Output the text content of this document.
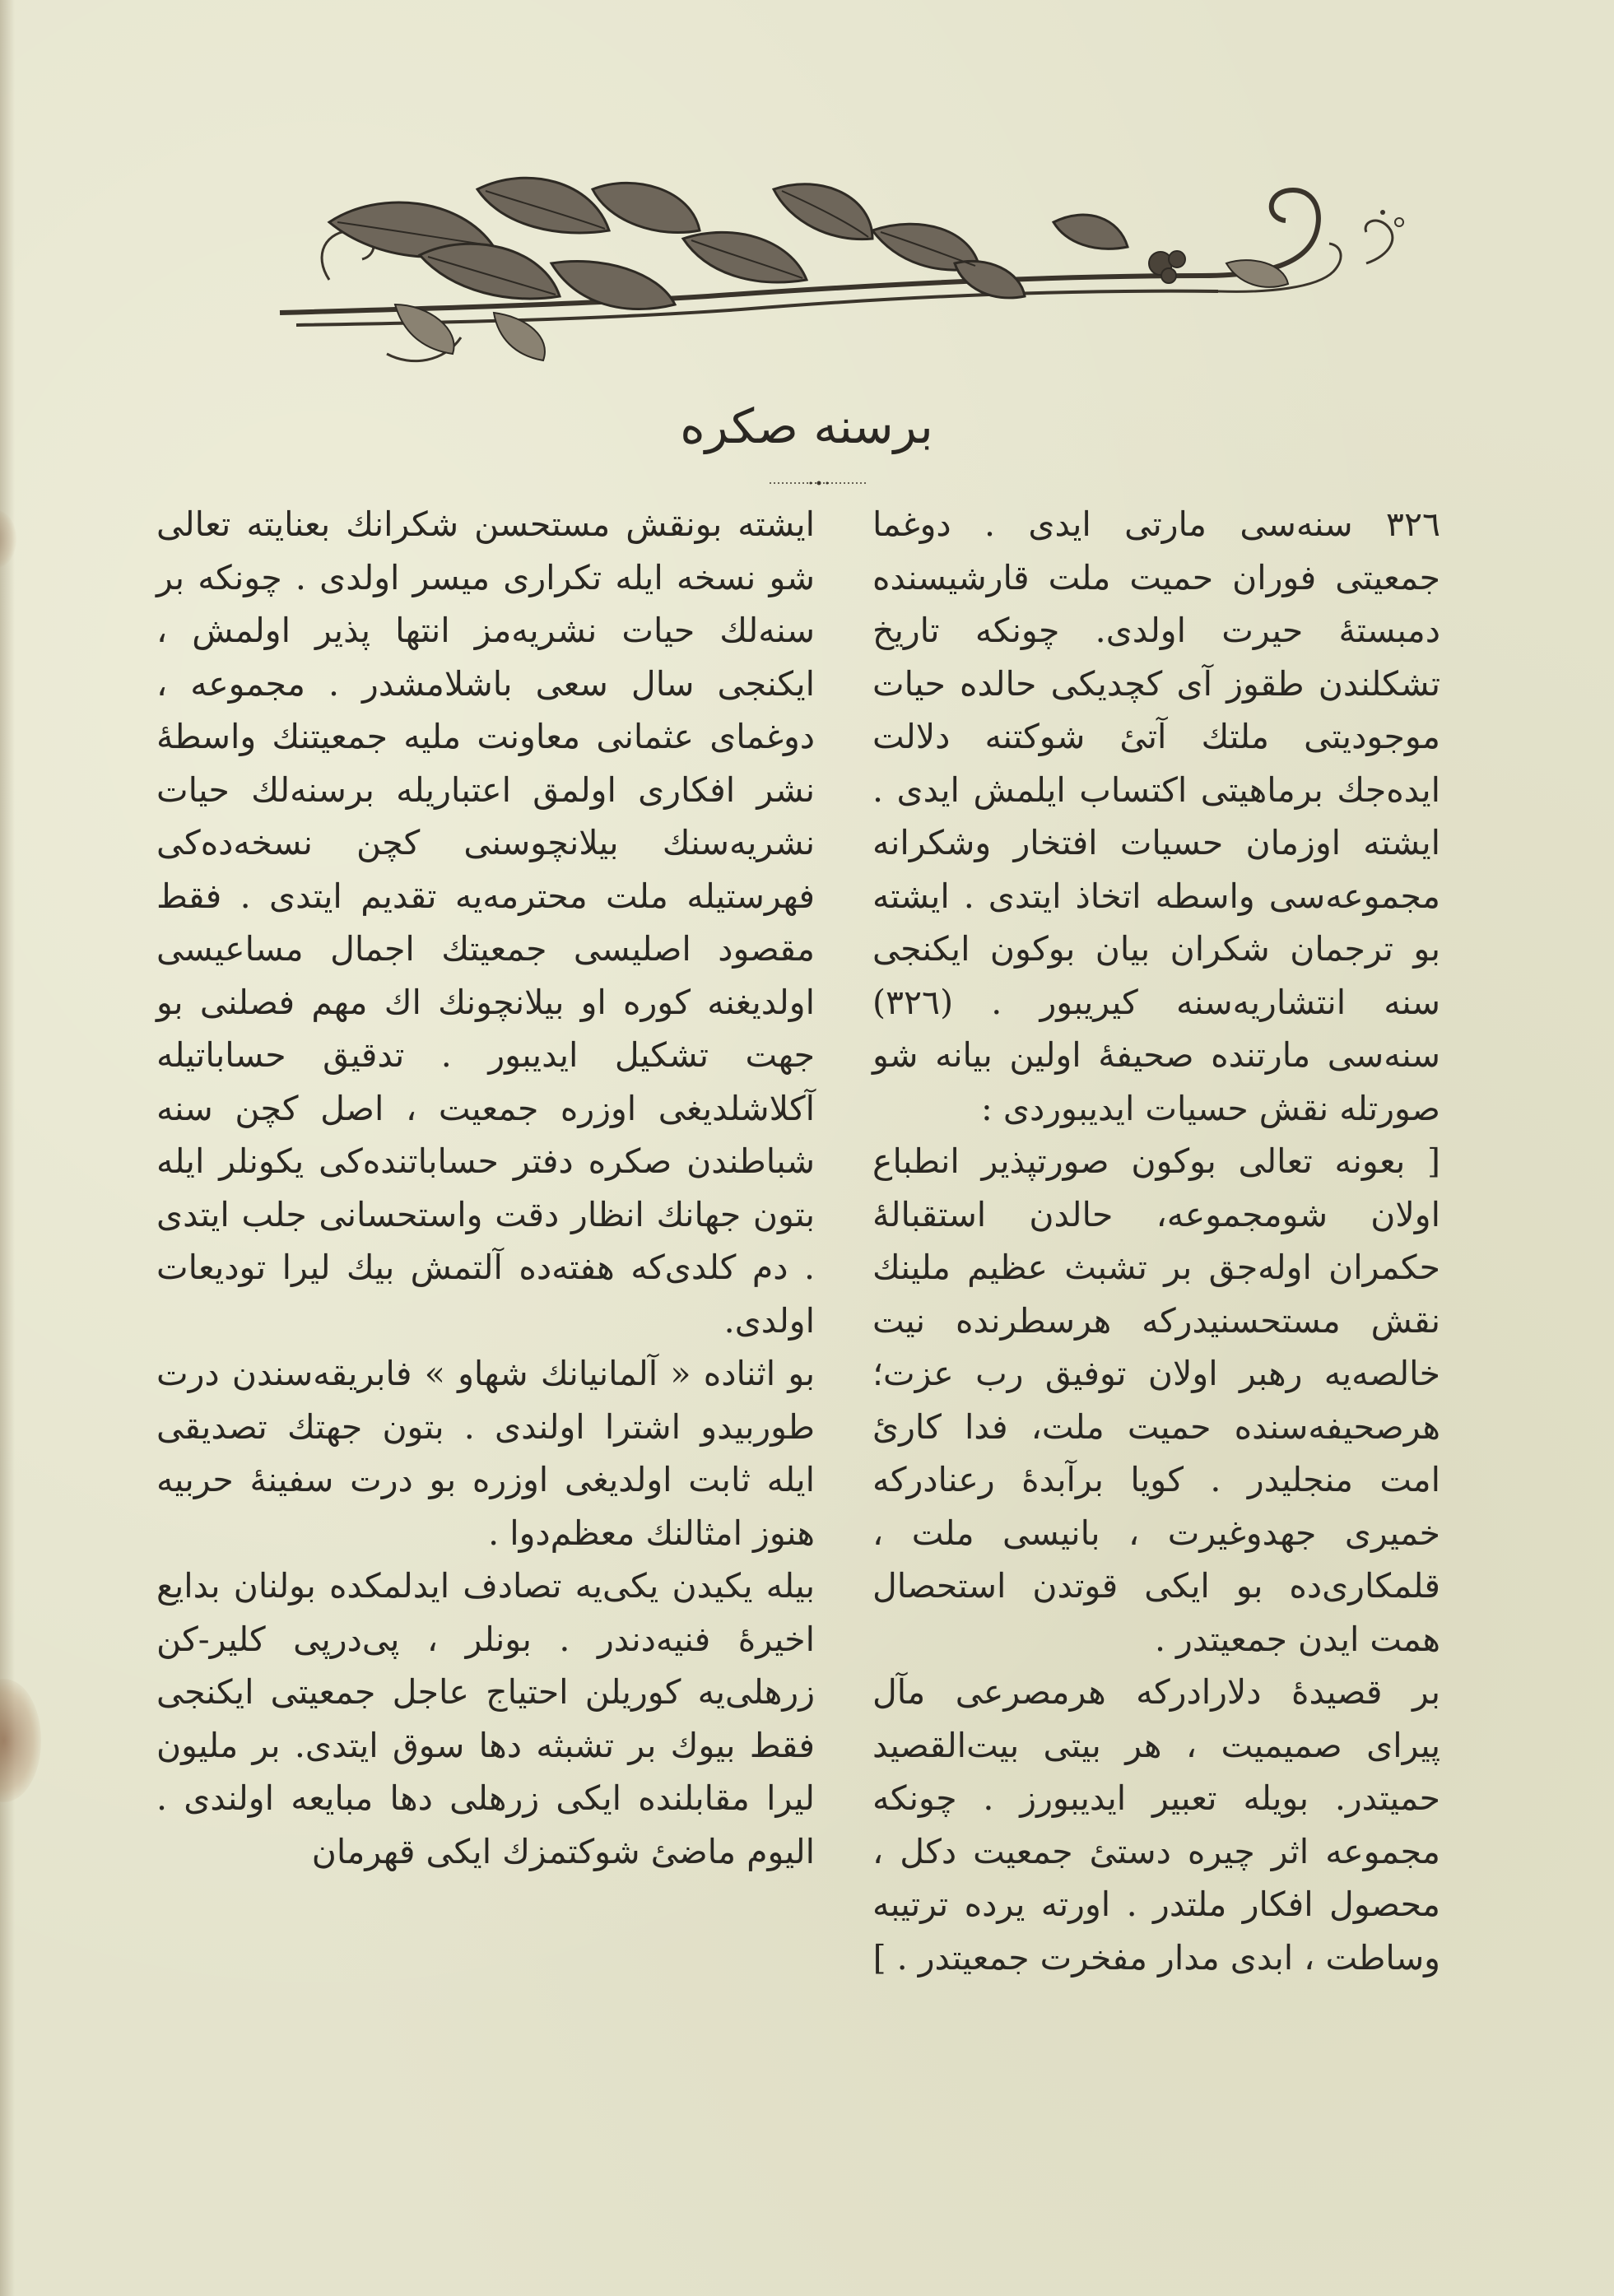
برسنه صکره

٣٢٦ سنه‌سی مارتی ایدی . دوغما جمعیتی فوران حمیت ملت قارشیسنده دمبستهٔ حیرت اولدی. چونکه تاریخ تشکلندن طقوز آی کچدیکی حالده حیات موجودیتی ملتك آتیٔ شوکتنه دلالت ایده‌جك برماهیتی اکتساب ایلمش ایدی . ایشته اوزمان حسیات افتخار وشکرانه مجموعه‌سی واسطه اتخاذ ایتدی . ایشته بو ترجمان شکران بیان بوکون ایکنجی سنه انتشاریه‌سنه کیریبور . (٣٢٦) سنه‌سی مارتنده صحیفهٔ اولین بیانه شو صورتله نقش حسیات ایدیبوردی :

[ بعونه تعالی بوکون صورتپذیر انطباع اولان شومجموعه، حالدن استقبالهٔ حکمران اوله‌جق بر تشبث عظیم ملینك نقش مستحسنیدرکه هرسطرنده نیت خالصه‌یه رهبر اولان توفیق رب عزت؛ هرصحیفه‌سنده حمیت ملت، فدا کاریٔ امت منجلیدر . کویا برآبدهٔ رعنادرکه خمیری جهدوغیرت ، بانیسی ملت ، قلمکاری‌ده بو ایکی قوتدن استحصال همت ایدن جمعیتدر .

بر قصیدهٔ دلارادرکه هرمصرعی مآل پیرای صمیمیت ، هر بیتی بیت‌القصید حمیتدر. بویله تعبیر ایدیبورز . چونکه مجموعه اثر چیره دستیٔ جمعیت دکل ، محصول افکار ملتدر . اورته یرده ترتیبه وساطت ، ابدی مدار مفخرت جمعیتدر . ]

ایشته بونقش مستحسن شکرانك بعنایته تعالی شو نسخه ایله تکراری میسر اولدی . چونکه بر سنه‌لك حیات نشریه‌مز انتها پذیر اولمش ، ایکنجی سال سعی باشلامشدر . مجموعه ، دوغمای عثمانی معاونت ملیه جمعیتنك واسطهٔ نشر افکاری اولمق اعتباریله برسنه‌لك حیات نشریه‌سنك بیلانچوسنی کچن نسخه‌ده‌کی فهرستیله ملت محترمه‌یه تقدیم ایتدی . فقط مقصود اصلیسی جمعیتك اجمال مساعیسی اولدیغنه کوره او بیلانچونك اك مهم فصلنی بو جهت تشکیل ایدیبور . تدقیق حساباتیله آکلاشلدیغی اوزره جمعیت ، اصل کچن سنه شباطندن صکره دفتر حساباتنده‌کی یکونلر ایله بتون جهانك انظار دقت واستحسانی جلب ایتدی . دم کلدی‌که هفته‌ده آلتمش بیك لیرا تودیعات اولدی.

بو اثناده « آلمانیانك شهاو » فابریقه‌سندن درت طوربیدو اشترا اولندی . بتون جهتك تصدیقی ایله ثابت اولدیغی اوزره بو درت سفینهٔ حربیه هنوز امثالنك معظم‌دوا .

بیله یکیدن یکی‌یه تصادف ایدلمکده بولنان بدایع اخیرهٔ فنیه‌دندر . بونلر ، پی‌درپی کلیر-کن زرهلی‌یه کوریلن احتیاج عاجل جمعیتی ایکنجی فقط بیوك بر تشبثه دها سوق ایتدی. بر ملیون لیرا مقابلنده ایکی زرهلی دها مبایعه اولندی . الیوم ماضیٔ شوکتمزك ایکی قهرمان
